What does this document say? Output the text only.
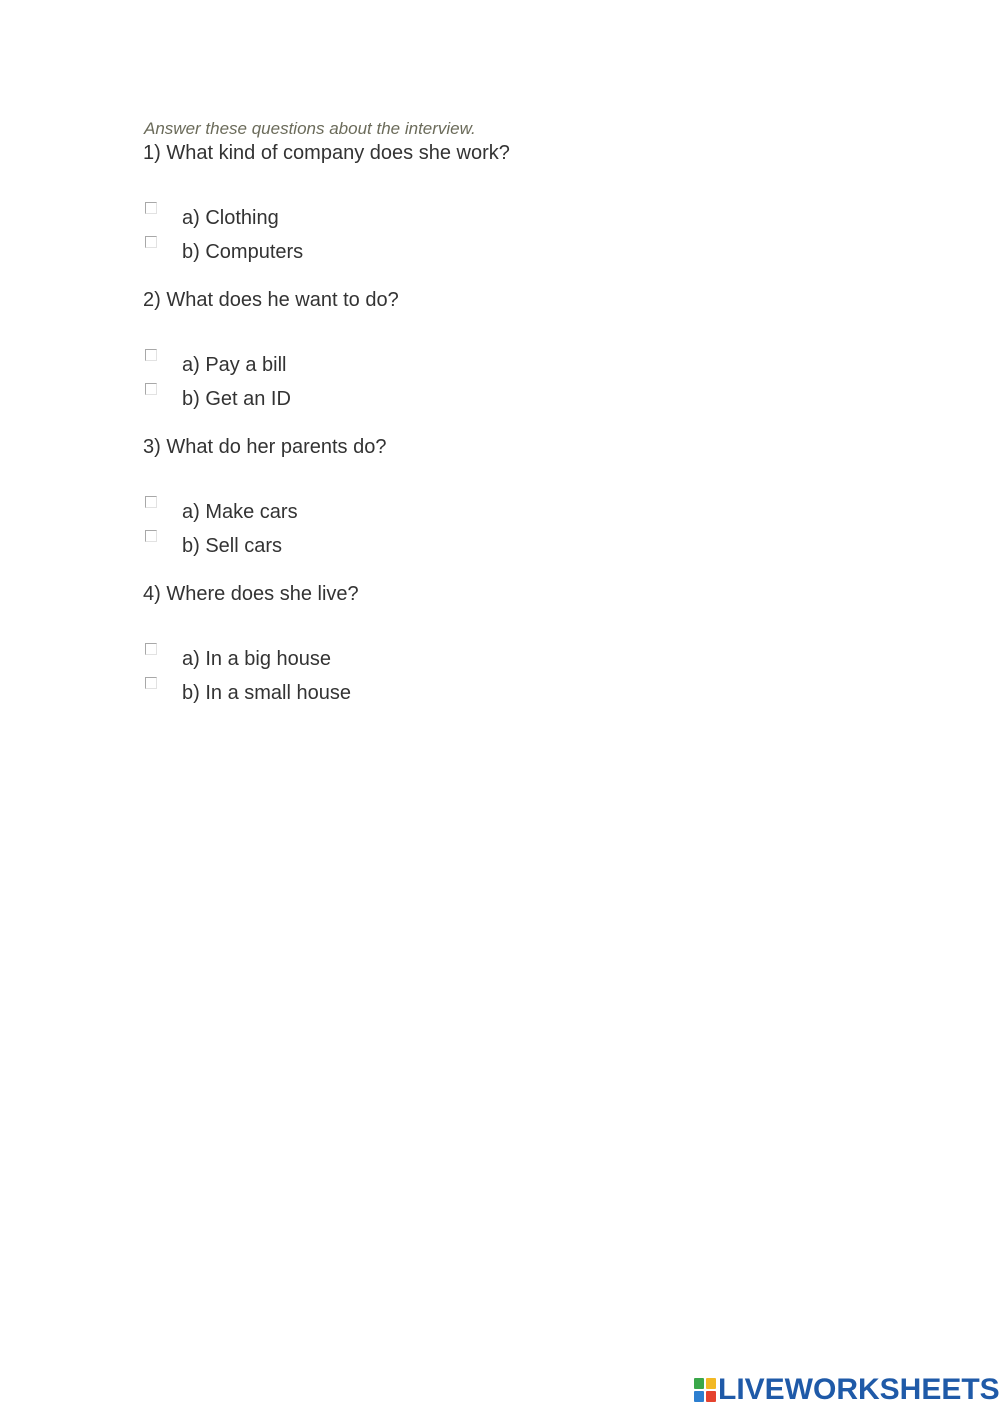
Answer these questions about the interview.
1) What kind of company does she work?
a) Clothing
b) Computers
2) What does he want to do?
a) Pay a bill
b) Get an ID
3) What do her parents do?
a) Make cars
b) Sell cars
4) Where does she live?
a) In a big house
b) In a small house
LIVEWORKSHEETS
